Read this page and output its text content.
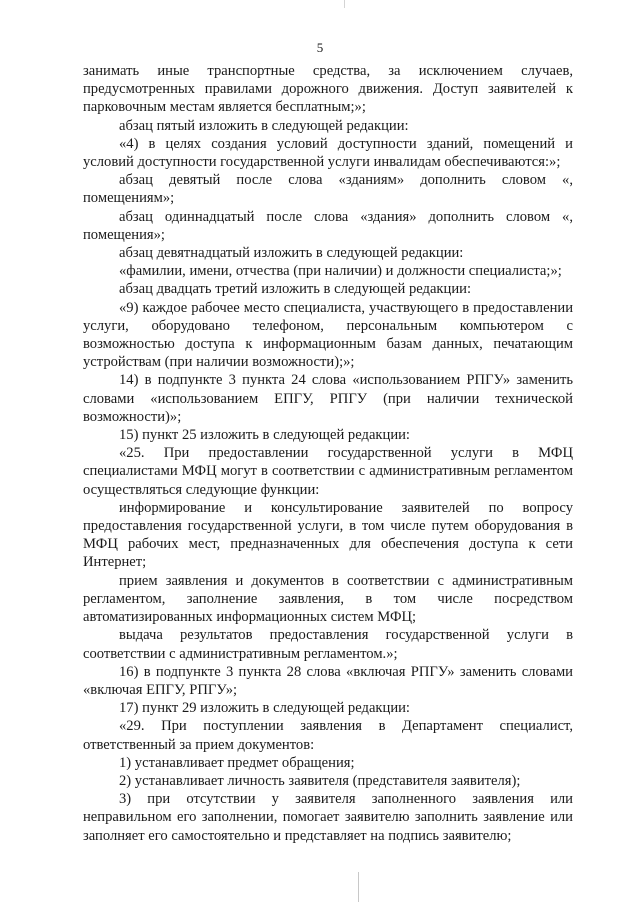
5

занимать иные транспортные средства, за исключением случаев, предусмотренных правилами дорожного движения. Доступ заявителей к парковочным местам является бесплатным;»;

абзац пятый изложить в следующей редакции:

«4) в целях создания условий доступности зданий, помещений и условий доступности государственной услуги инвалидам обеспечиваются:»;

абзац девятый после слова «зданиям» дополнить словом «, помещениям»;

абзац одиннадцатый после слова «здания» дополнить словом «, помещения»;

абзац девятнадцатый изложить в следующей редакции:

«фамилии, имени, отчества (при наличии) и должности специалиста;»;

абзац двадцать третий изложить в следующей редакции:

«9) каждое рабочее место специалиста, участвующего в предоставлении услуги, оборудовано телефоном, персональным компьютером с возможностью доступа к информационным базам данных, печатающим устройствам (при наличии возможности);»;

14) в подпункте 3 пункта 24 слова «использованием РПГУ» заменить словами «использованием ЕПГУ, РПГУ (при наличии технической возможности)»;

15) пункт 25 изложить в следующей редакции:

«25. При предоставлении государственной услуги в МФЦ специалистами МФЦ могут в соответствии с административным регламентом осуществляться следующие функции:

информирование и консультирование заявителей по вопросу предоставления государственной услуги, в том числе путем оборудования в МФЦ рабочих мест, предназначенных для обеспечения доступа к сети Интернет;

прием заявления и документов в соответствии с административным регламентом, заполнение заявления, в том числе посредством автоматизированных информационных систем МФЦ;

выдача результатов предоставления государственной услуги в соответствии с административным регламентом.»;

16) в подпункте 3 пункта 28 слова «включая РПГУ» заменить словами «включая ЕПГУ, РПГУ»;

17) пункт 29 изложить в следующей редакции:

«29. При поступлении заявления в Департамент специалист, ответственный за прием документов:

1) устанавливает предмет обращения;

2) устанавливает личность заявителя (представителя заявителя);

3) при отсутствии у заявителя заполненного заявления или неправильном его заполнении, помогает заявителю заполнить заявление или заполняет его самостоятельно и представляет на подпись заявителю;
